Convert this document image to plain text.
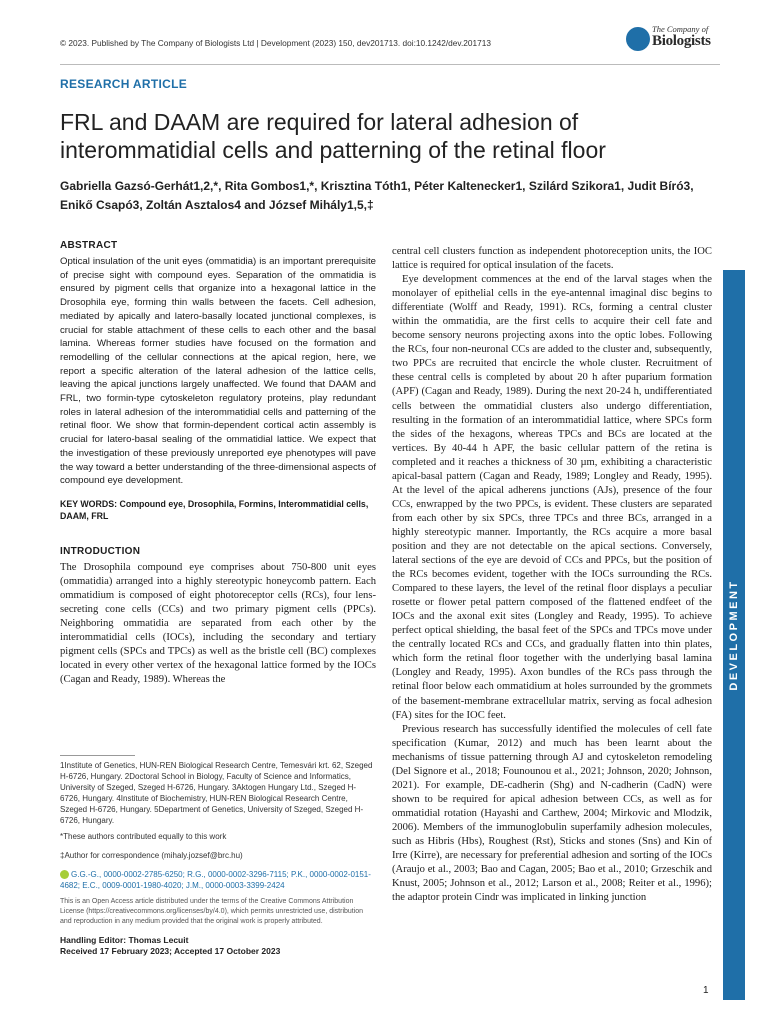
© 2023. Published by The Company of Biologists Ltd | Development (2023) 150, dev201713. doi:10.1242/dev.201713
The Company of
Biologists
RESEARCH ARTICLE
FRL and DAAM are required for lateral adhesion of interommatidial cells and patterning of the retinal floor
Gabriella Gazsó-Gerhát1,2,*, Rita Gombos1,*, Krisztina Tóth1, Péter Kaltenecker1, Szilárd Szikora1, Judit Bíró3,
Enikő Csapó3, Zoltán Asztalos4 and József Mihály1,5,‡
ABSTRACT

Optical insulation of the unit eyes (ommatidia) is an important prerequisite of precise sight with compound eyes. Separation of the ommatidia is ensured by pigment cells that organize into a hexagonal lattice in the Drosophila eye, forming thin walls between the facets. Cell adhesion, mediated by apically and latero-basally located junctional complexes, is crucial for stable attachment of these cells to each other and the basal lamina. Whereas former studies have focused on the formation and remodelling of the cellular connections at the apical region, here, we report a specific alteration of the lateral adhesion of the lattice cells, leaving the apical junctions largely unaffected. We found that DAAM and FRL, two formin-type cytoskeleton regulatory proteins, play redundant roles in lateral adhesion of the interommatidial cells and patterning of the retinal floor. We show that formin-dependent cortical actin assembly is crucial for latero-basal sealing of the ommatidial lattice. We expect that the investigation of these previously unreported eye phenotypes will pave the way toward a better understanding of the three-dimensional aspects of compound eye development.

KEY WORDS: Compound eye, Drosophila, Formins, Interommatidial cells, DAAM, FRL

INTRODUCTION

The Drosophila compound eye comprises about 750-800 unit eyes (ommatidia) arranged into a highly stereotypic honeycomb pattern. Each ommatidium is composed of eight photoreceptor cells (RCs), four lens-secreting cone cells (CCs) and two primary pigment cells (PPCs). Neighboring ommatidia are separated from each other by the interommatidial cells (IOCs), including the secondary and tertiary pigment cells (SPCs and TPCs) as well as the bristle cell (BC) complexes located in every other vertex of the hexagonal lattice formed by the IOCs (Cagan and Ready, 1989). Whereas the

1Institute of Genetics, HUN-REN Biological Research Centre, Temesvári krt. 62, Szeged H-6726, Hungary. 2Doctoral School in Biology, Faculty of Science and Informatics, University of Szeged, Szeged H-6726, Hungary. 3Aktogen Hungary Ltd., Szeged H-6726, Hungary. 4Institute of Biochemistry, HUN-REN Biological Research Centre, Szeged H-6726, Hungary. 5Department of Genetics, University of Szeged, Szeged H-6726, Hungary.

*These authors contributed equally to this work

‡Author for correspondence (mihaly.jozsef@brc.hu)

G.G.-G., 0000-0002-2785-6250; R.G., 0000-0002-3296-7115; P.K., 0000-0002-0151-4682; E.C., 0009-0001-1980-4020; J.M., 0000-0003-3399-2424

This is an Open Access article distributed under the terms of the Creative Commons Attribution License (https://creativecommons.org/licenses/by/4.0), which permits unrestricted use, distribution and reproduction in any medium provided that the original work is properly attributed.

Handling Editor: Thomas Lecuit
Received 17 February 2023; Accepted 17 October 2023

central cell clusters function as independent photoreception units, the IOC lattice is required for optical insulation of the facets.

Eye development commences at the end of the larval stages when the monolayer of epithelial cells in the eye-antennal imaginal disc begins to differentiate (Wolff and Ready, 1991). RCs, forming a central cluster within the ommatidia, are the first cells to acquire their cell fate and become sensory neurons projecting axons into the optic lobes. Following the RCs, four non-neuronal CCs are added to the cluster and, subsequently, two PPCs are recruited that encircle the whole cluster. Recruitment of these central cells is completed by about 20 h after puparium formation (APF) (Cagan and Ready, 1989). During the next 20-24 h, undifferentiated cells between the ommatidial clusters also undergo differentiation, resulting in the formation of an interommatidial lattice, where SPCs form the sides of the hexagons, whereas TPCs and BCs are located at the vertices. By 40-44 h APF, the basic cellular pattern of the retina is completed and it reaches a thickness of 30 µm, exhibiting a characteristic apical-basal pattern (Cagan and Ready, 1989; Longley and Ready, 1995). At the level of the apical adherens junctions (AJs), presence of the four CCs, enwrapped by the two PPCs, is evident. These clusters are separated from each other by six SPCs, three TPCs and three BCs, arranged in a highly stereotypic manner. Importantly, the RCs acquire a more basal position and they are not detectable on the apical sections. Conversely, lateral sections of the eye are devoid of CCs and PPCs, but the position of the RCs becomes evident, together with the IOCs surrounding the RCs. Compared to these layers, the level of the retinal floor displays a peculiar rosette or flower petal pattern composed of the flattened endfeet of the IOCs and the axonal exit sites (Longley and Ready, 1995). To achieve perfect optical shielding, the basal feet of the SPCs and TPCs move under the centrally located RCs and CCs, and gradually flatten into thin plates, which form the retinal floor together with the underlying basal lamina (Longley and Ready, 1995). Axon bundles of the RCs pass through the retinal floor below each ommatidium at holes surrounded by the grommets of the basement-membrane extracellular matrix, serving as focal adhesion (FA) sites for the IOC feet.

Previous research has successfully identified the molecules of cell fate specification (Kumar, 2012) and much has been learnt about the mechanisms of tissue patterning through AJ and cytoskeleton remodeling (Del Signore et al., 2018; Founounou et al., 2021; Johnson, 2020; Johnson, 2021). For example, DE-cadherin (Shg) and N-cadherin (CadN) were shown to be required for apical adhesion between CCs, as well as for ommatidial rotation (Hayashi and Carthew, 2004; Mirkovic and Mlodzik, 2006). Members of the immunoglobulin superfamily adhesion molecules, such as Hibris (Hbs), Roughest (Rst), Sticks and stones (Sns) and Kin of Irre (Kirre), are necessary for preferential adhesion and sorting of the IOCs (Araujo et al., 2003; Bao and Cagan, 2005; Bao et al., 2010; Grzeschik and Knust, 2005; Johnson et al., 2012; Larson et al., 2008; Reiter et al., 1996); the adaptor protein Cindr was implicated in linking junction

DEVELOPMENT
1
